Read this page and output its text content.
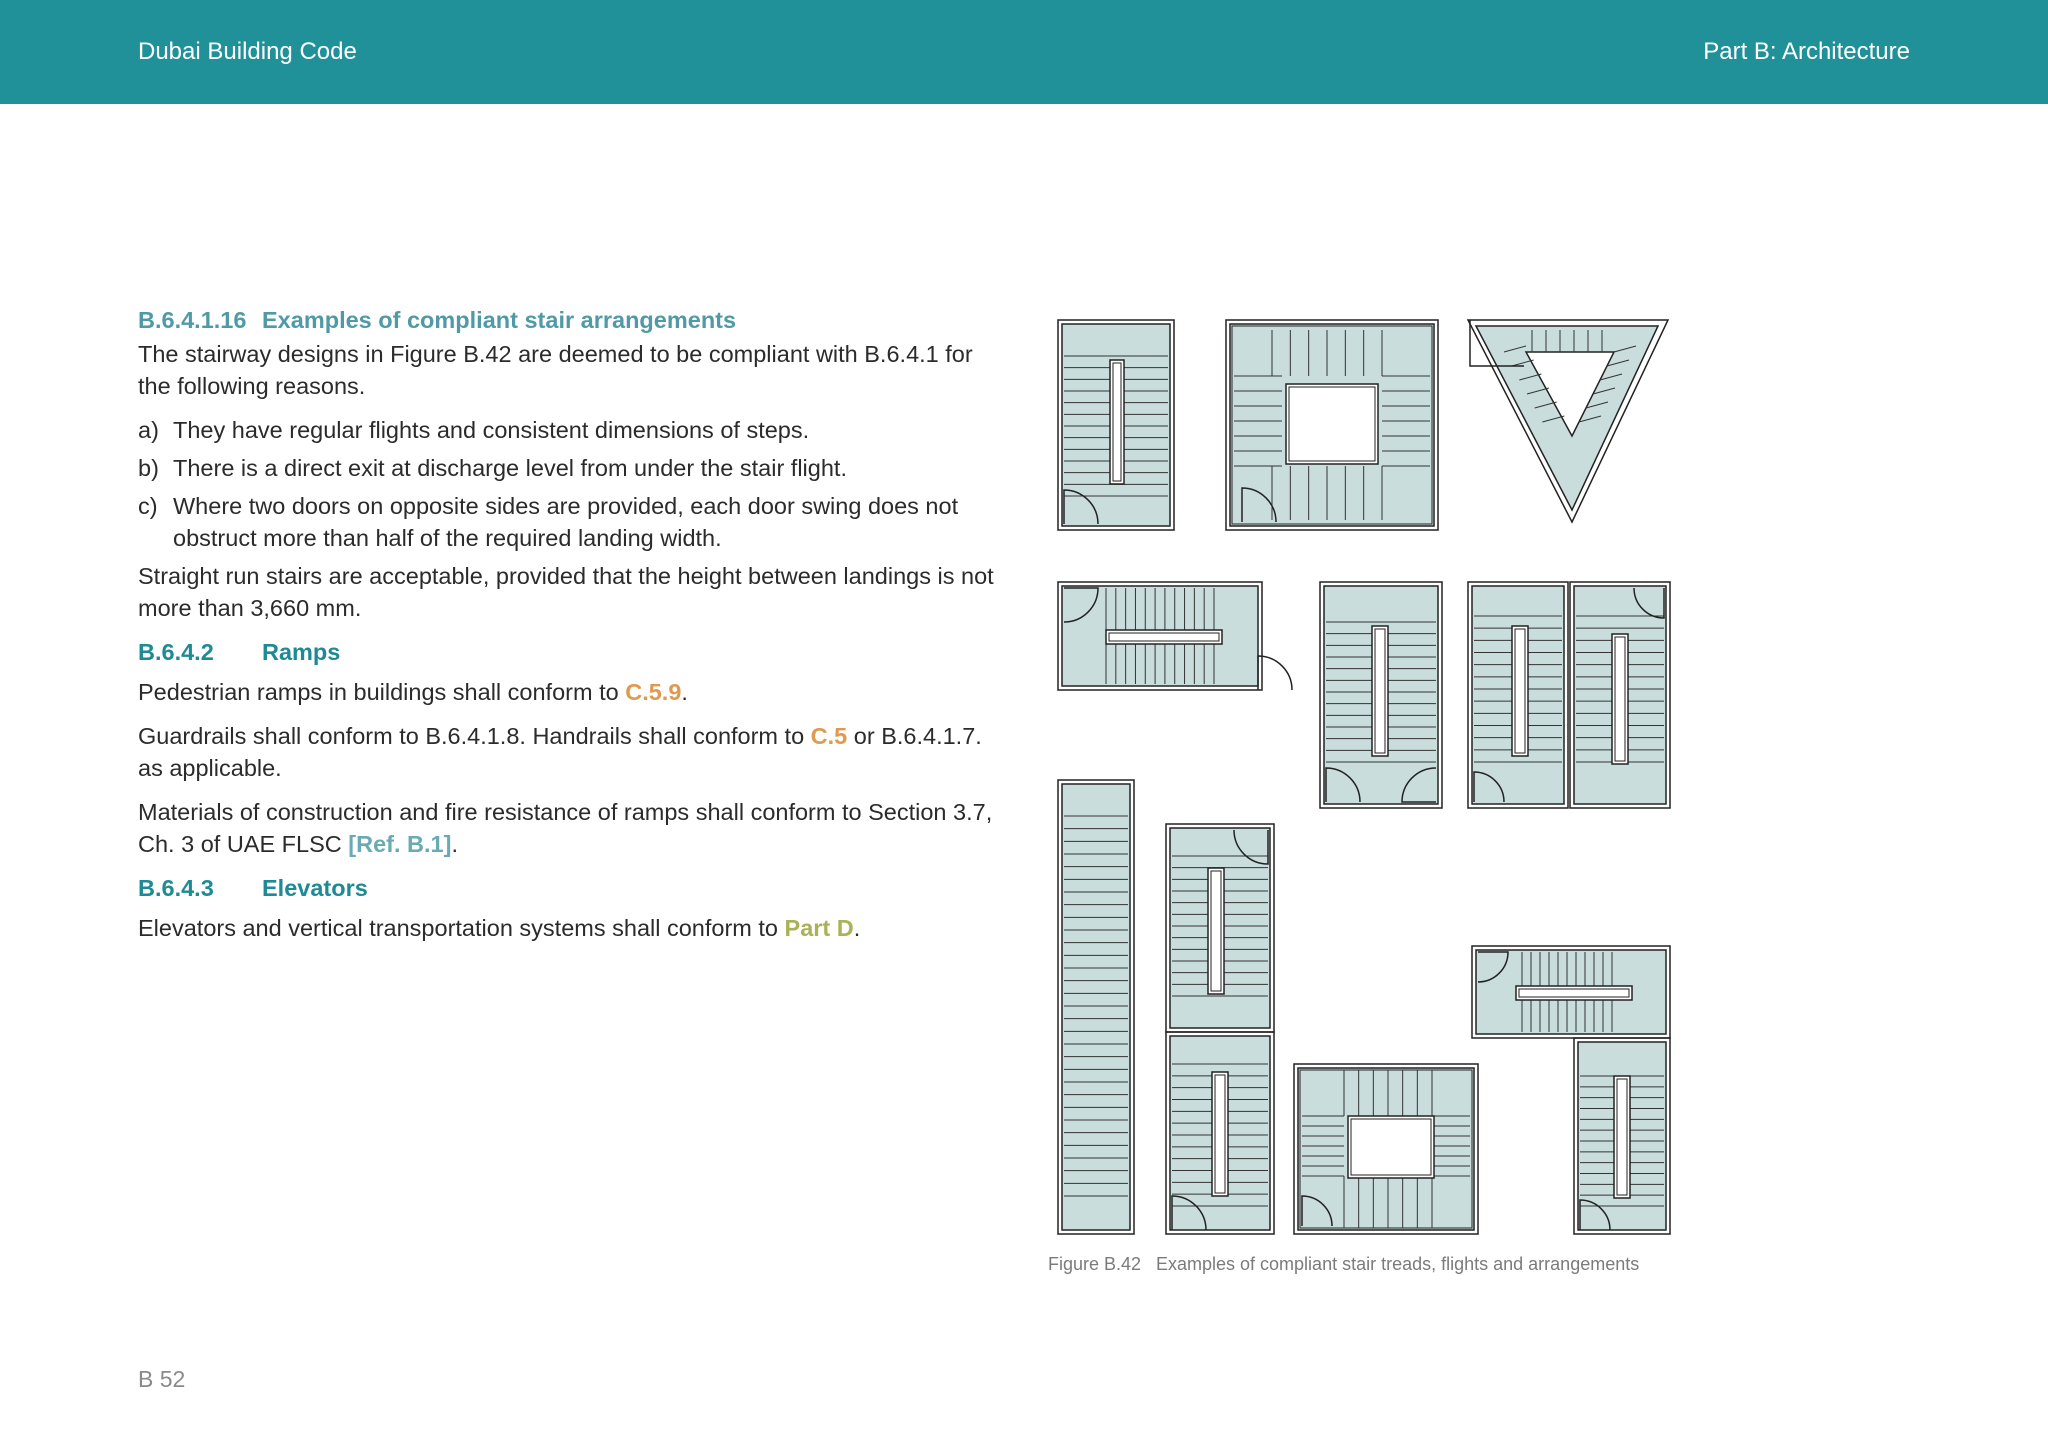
Dubai Building Code	Part B: Architecture
B.6.4.1.16 Examples of compliant stair arrangements

The stairway designs in Figure B.42 are deemed to be compliant with B.6.4.1 for the following reasons.

a) They have regular flights and consistent dimensions of steps.
b) There is a direct exit at discharge level from under the stair flight.
c) Where two doors on opposite sides are provided, each door swing does not obstruct more than half of the required landing width.

Straight run stairs are acceptable, provided that the height between landings is not more than 3,660 mm.

B.6.4.2 Ramps

Pedestrian ramps in buildings shall conform to C.5.9.

Guardrails shall conform to B.6.4.1.8. Handrails shall conform to C.5 or B.6.4.1.7. as applicable.

Materials of construction and fire resistance of ramps shall conform to Section 3.7, Ch. 3 of UAE FLSC [Ref. B.1].

B.6.4.3 Elevators

Elevators and vertical transportation systems shall conform to Part D.

Figure B.42 Examples of compliant stair treads, flights and arrangements
B 52
